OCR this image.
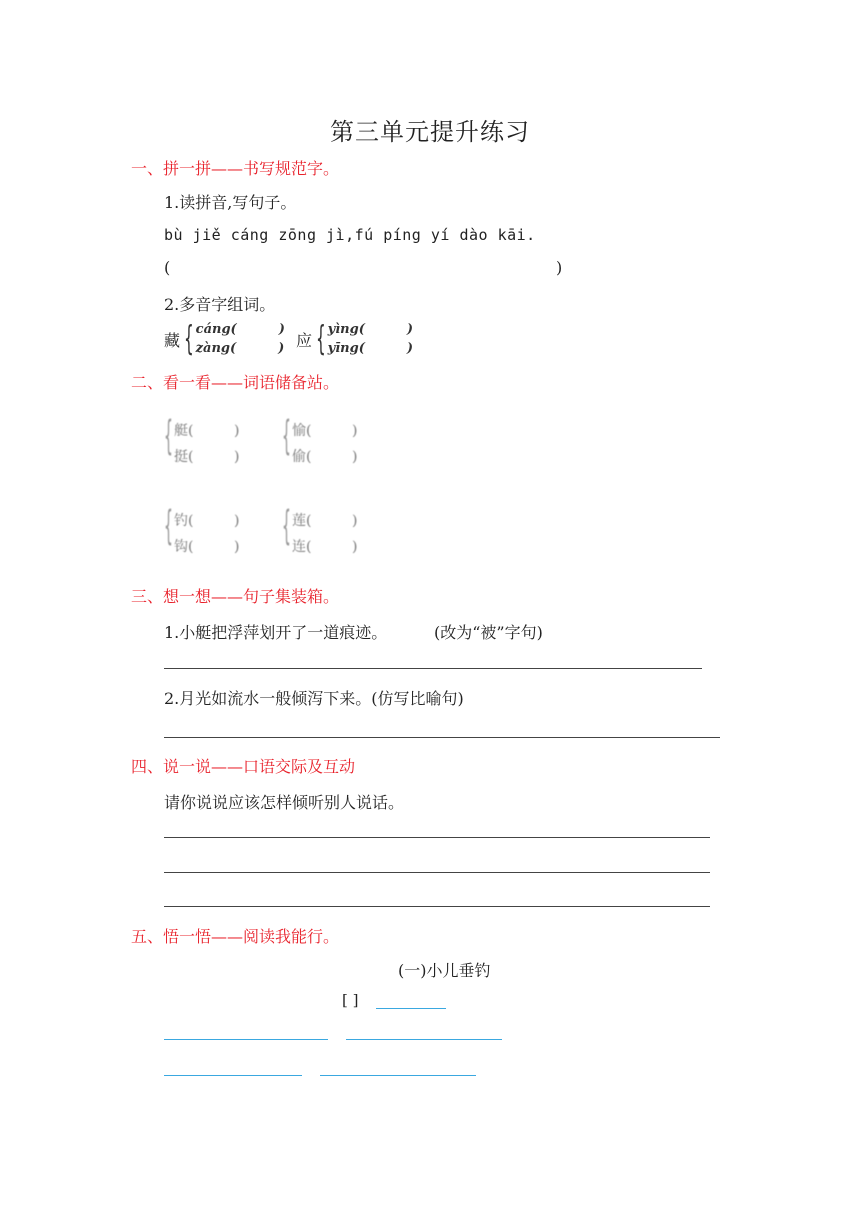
第三单元提升练习
一、拼一拼——书写规范字。
1.读拼音,写句子。
bù jiě cáng zōng jì,fú píng yí dào kāi.
(	)
2.多音字组词。
藏 { cáng(	)
zàng(	) 应 { yìng(	)
yīng(	)
二、看一看——词语储备站。
{ 艇(	)
挺(	) { 愉(	)
偷(	)
{ 钓(	)
钩(	) { 莲(	)
连(	)
三、想一想——句子集装箱。
1.小艇把浮萍划开了一道痕迹。	(改为“被”字句)
2.月光如流水一般倾泻下来。(仿写比喻句)
四、说一说——口语交际及互动
请你说说应该怎样倾听别人说话。
五、悟一悟——阅读我能行。
(一)小儿垂钓
[ ]
